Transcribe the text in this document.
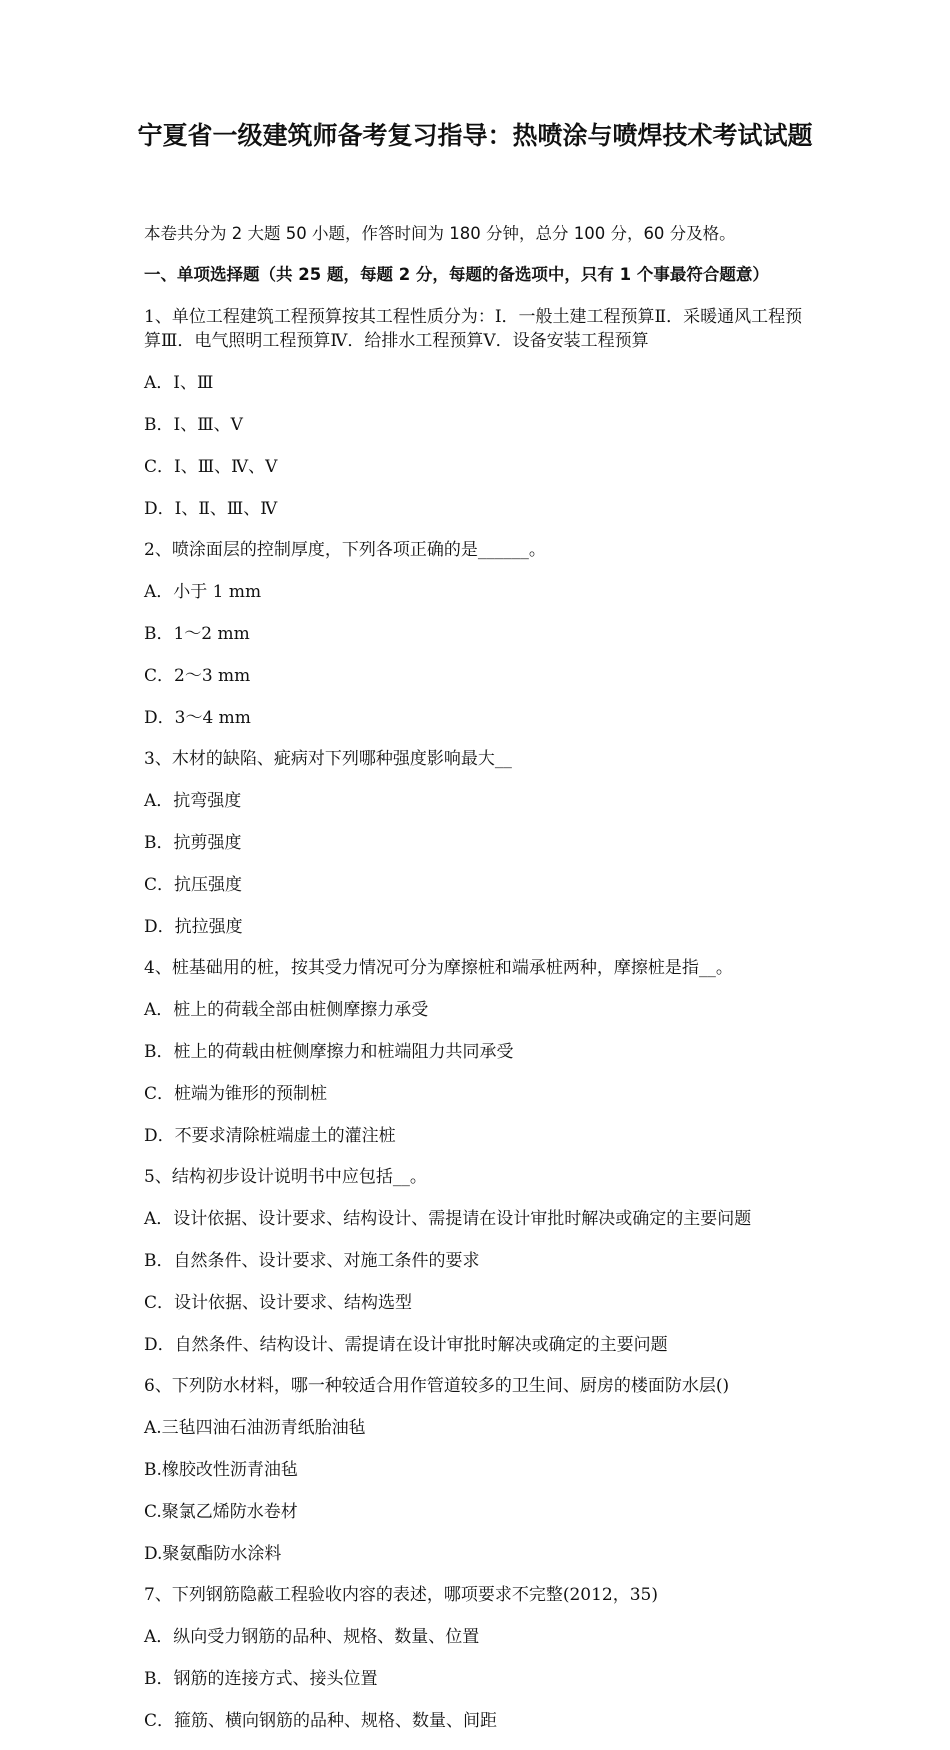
宁夏省一级建筑师备考复习指导：热喷涂与喷焊技术考试试题

本卷共分为 2 大题 50 小题，作答时间为 180 分钟，总分 100 分，60 分及格。

一、单项选择题（共 25 题，每题 2 分，每题的备选项中，只有 1 个事最符合题意）

1、单位工程建筑工程预算按其工程性质分为：Ⅰ．一般土建工程预算Ⅱ．采暖通风工程预算Ⅲ．电气照明工程预算Ⅳ．给排水工程预算Ⅴ．设备安装工程预算

A．Ⅰ、Ⅲ

B．Ⅰ、Ⅲ、Ⅴ

C．Ⅰ、Ⅲ、Ⅳ、Ⅴ

D．Ⅰ、Ⅱ、Ⅲ、Ⅳ

2、喷涂面层的控制厚度，下列各项正确的是______。

A．小于 1 mm

B．1～2 mm

C．2～3 mm

D．3～4 mm

3、木材的缺陷、疵病对下列哪种强度影响最大__

A．抗弯强度

B．抗剪强度

C．抗压强度

D．抗拉强度

4、桩基础用的桩，按其受力情况可分为摩擦桩和端承桩两种，摩擦桩是指__。

A．桩上的荷载全部由桩侧摩擦力承受

B．桩上的荷载由桩侧摩擦力和桩端阻力共同承受

C．桩端为锥形的预制桩

D．不要求清除桩端虚土的灌注桩

5、结构初步设计说明书中应包括__。

A．设计依据、设计要求、结构设计、需提请在设计审批时解决或确定的主要问题

B．自然条件、设计要求、对施工条件的要求

C．设计依据、设计要求、结构选型

D．自然条件、结构设计、需提请在设计审批时解决或确定的主要问题

6、下列防水材料，哪一种较适合用作管道较多的卫生间、厨房的楼面防水层()

A.三毡四油石油沥青纸胎油毡

B.橡胶改性沥青油毡

C.聚氯乙烯防水卷材

D.聚氨酯防水涂料

7、下列钢筋隐蔽工程验收内容的表述，哪项要求不完整(2012，35)

A．纵向受力钢筋的品种、规格、数量、位置

B．钢筋的连接方式、接头位置

C．箍筋、横向钢筋的品种、规格、数量、间距
